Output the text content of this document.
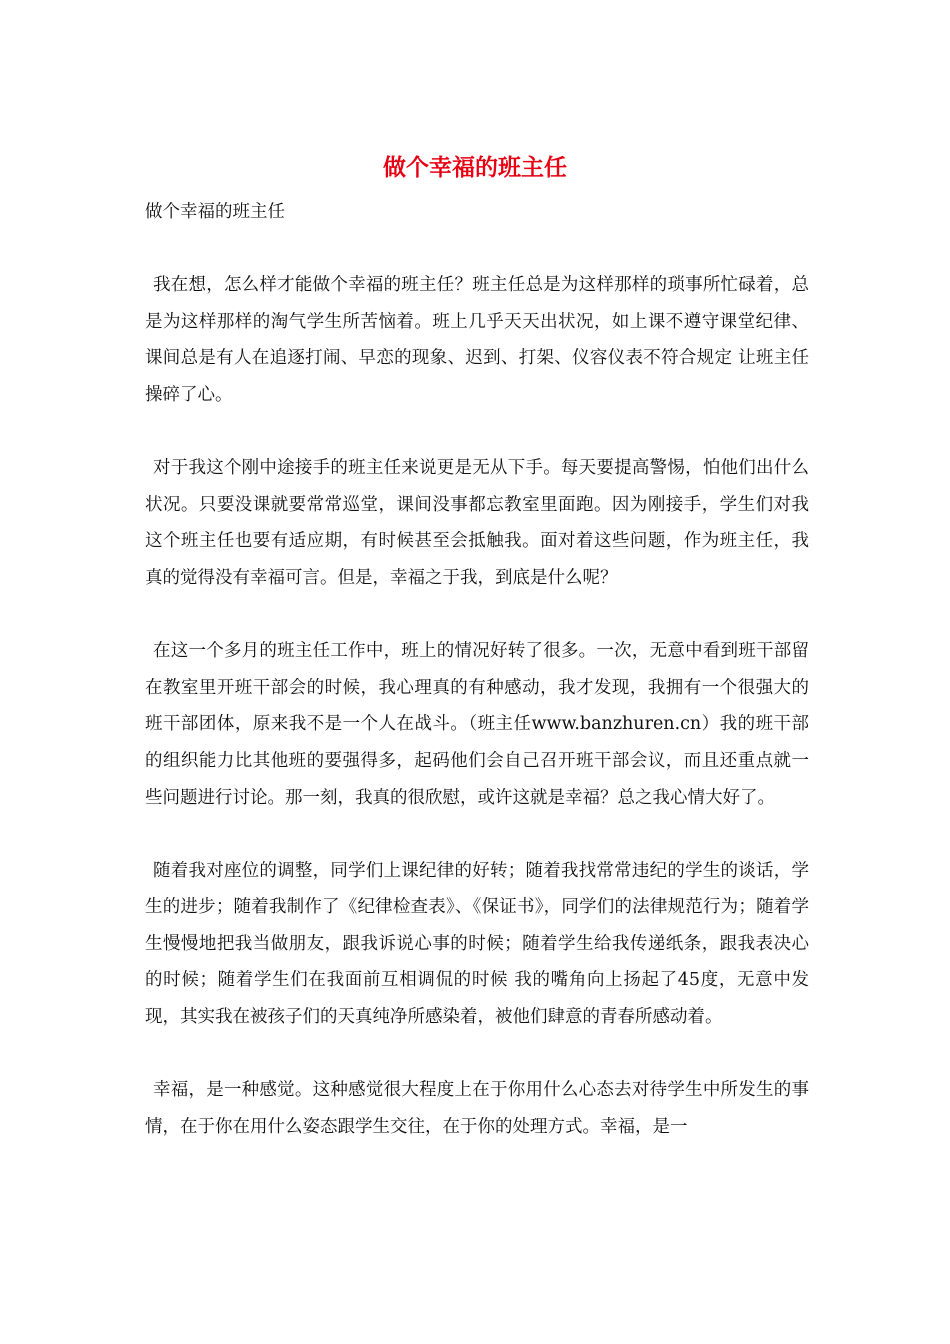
做个幸福的班主任

做个幸福的班主任

我在想，怎么样才能做个幸福的班主任？班主任总是为这样那样的琐事所忙碌着，总是为这样那样的淘气学生所苦恼着。班上几乎天天出状况，如上课不遵守课堂纪律、课间总是有人在追逐打闹、早恋的现象、迟到、打架、仪容仪表不符合规定 让班主任操碎了心。

对于我这个刚中途接手的班主任来说更是无从下手。每天要提高警惕，怕他们出什么状况。只要没课就要常常巡堂，课间没事都忘教室里面跑。因为刚接手，学生们对我这个班主任也要有适应期，有时候甚至会抵触我。面对着这些问题，作为班主任，我真的觉得没有幸福可言。但是，幸福之于我，到底是什么呢？

在这一个多月的班主任工作中，班上的情况好转了很多。一次，无意中看到班干部留在教室里开班干部会的时候，我心理真的有种感动，我才发现，我拥有一个很强大的班干部团体，原来我不是一个人在战斗。（班主任www.banzhuren.cn）我的班干部的组织能力比其他班的要强得多，起码他们会自己召开班干部会议，而且还重点就一些问题进行讨论。那一刻，我真的很欣慰，或许这就是幸福？总之我心情大好了。

随着我对座位的调整，同学们上课纪律的好转；随着我找常常违纪的学生的谈话，学生的进步；随着我制作了《纪律检查表》、《保证书》，同学们的法律规范行为；随着学生慢慢地把我当做朋友，跟我诉说心事的时候；随着学生给我传递纸条，跟我表决心的时候；随着学生们在我面前互相调侃的时候 我的嘴角向上扬起了45度，无意中发现，其实我在被孩子们的天真纯净所感染着，被他们肆意的青春所感动着。

幸福，是一种感觉。这种感觉很大程度上在于你用什么心态去对待学生中所发生的事情，在于你在用什么姿态跟学生交往，在于你的处理方式。幸福，是一
